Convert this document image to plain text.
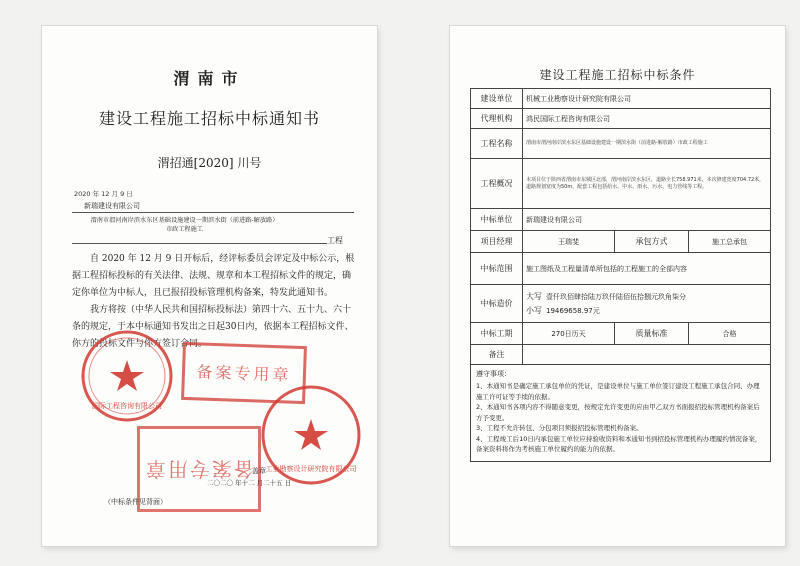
渭南市
建设工程施工招标中标通知书
渭招通[2020] 川号
2020 年 12 月 9 日
新瑞建设有限公司
渭南市渭河南岸滨水东区基础设施建设一期滨水街（前进路-解放路）
市政工程施工
工程

自 2020 年 12 月 9 日开标后，经评标委员会评定及中标公示，根据工程招标投标的有关法律、法规、规章和本工程招标文件的规定，确定你单位为中标人，且已报招投标管理机构备案，特发此通知书。

我方将按（中华人民共和国招标投标法）第四十六、五十九、六十条的规定，于本中标通知书发出之日起30日内，依据本工程招标文件、你方的投标文件与你方签订合同。

国际工程咨询有限公司
备案专用章
工业勘察设计研究院有限公司
备案专用章
盖章
二〇二〇 年十二 月二十五 日
（中标条件见背面）
建设工程施工招标中标条件
建设单位	机械工业勘察设计研究院有限公司		
代理机构	鸿民国际工程咨询有限公司		
工程名称	渭南市渭河南岸滨水东区基础设施建设一期滨水街（前进路-解放路）市政工程施工		
工程概况	本项目位于陕西省渭南市东城区北部，渭河南岸滨水东区，道路全长758.971米，本次修建宽度704.72米，道路规划宽度为50m，配套工程包括给水、中水、雨水、污水、电力管线等工程。		
中标单位	新瑞建设有限公司		
项目经理	王瑞斐	承包方式	施工总承包
中标范围	施工图纸及工程量清单所包括的工程施工的全部内容		
中标造价	大写 壹仟玖佰肆拾陆万玖仟陆佰伍拾捌元玖角柒分
小写 19469658.97元		

中标工期	270日历天	质量标准	合格
备注			

遵守事项：

1、本通知书是确定施工承包单位的凭证，是建设单位与施工单位签订建设工程施工承包合同、办理施工许可证等手续的依据。

2、本通知书各项内容不得随意变更，按规定允许变更的应由甲乙双方书面报招投标管理机构备案后方予变更。

3、工程不允许转包、分包项目须报招投标管理机构备案。

4、工程竣工后10日内承包施工单位应持验收资料和本通知书到招投标管理机构办理履约情况备案，备案资料将作为考核施工单位履约的能力的依据。			
